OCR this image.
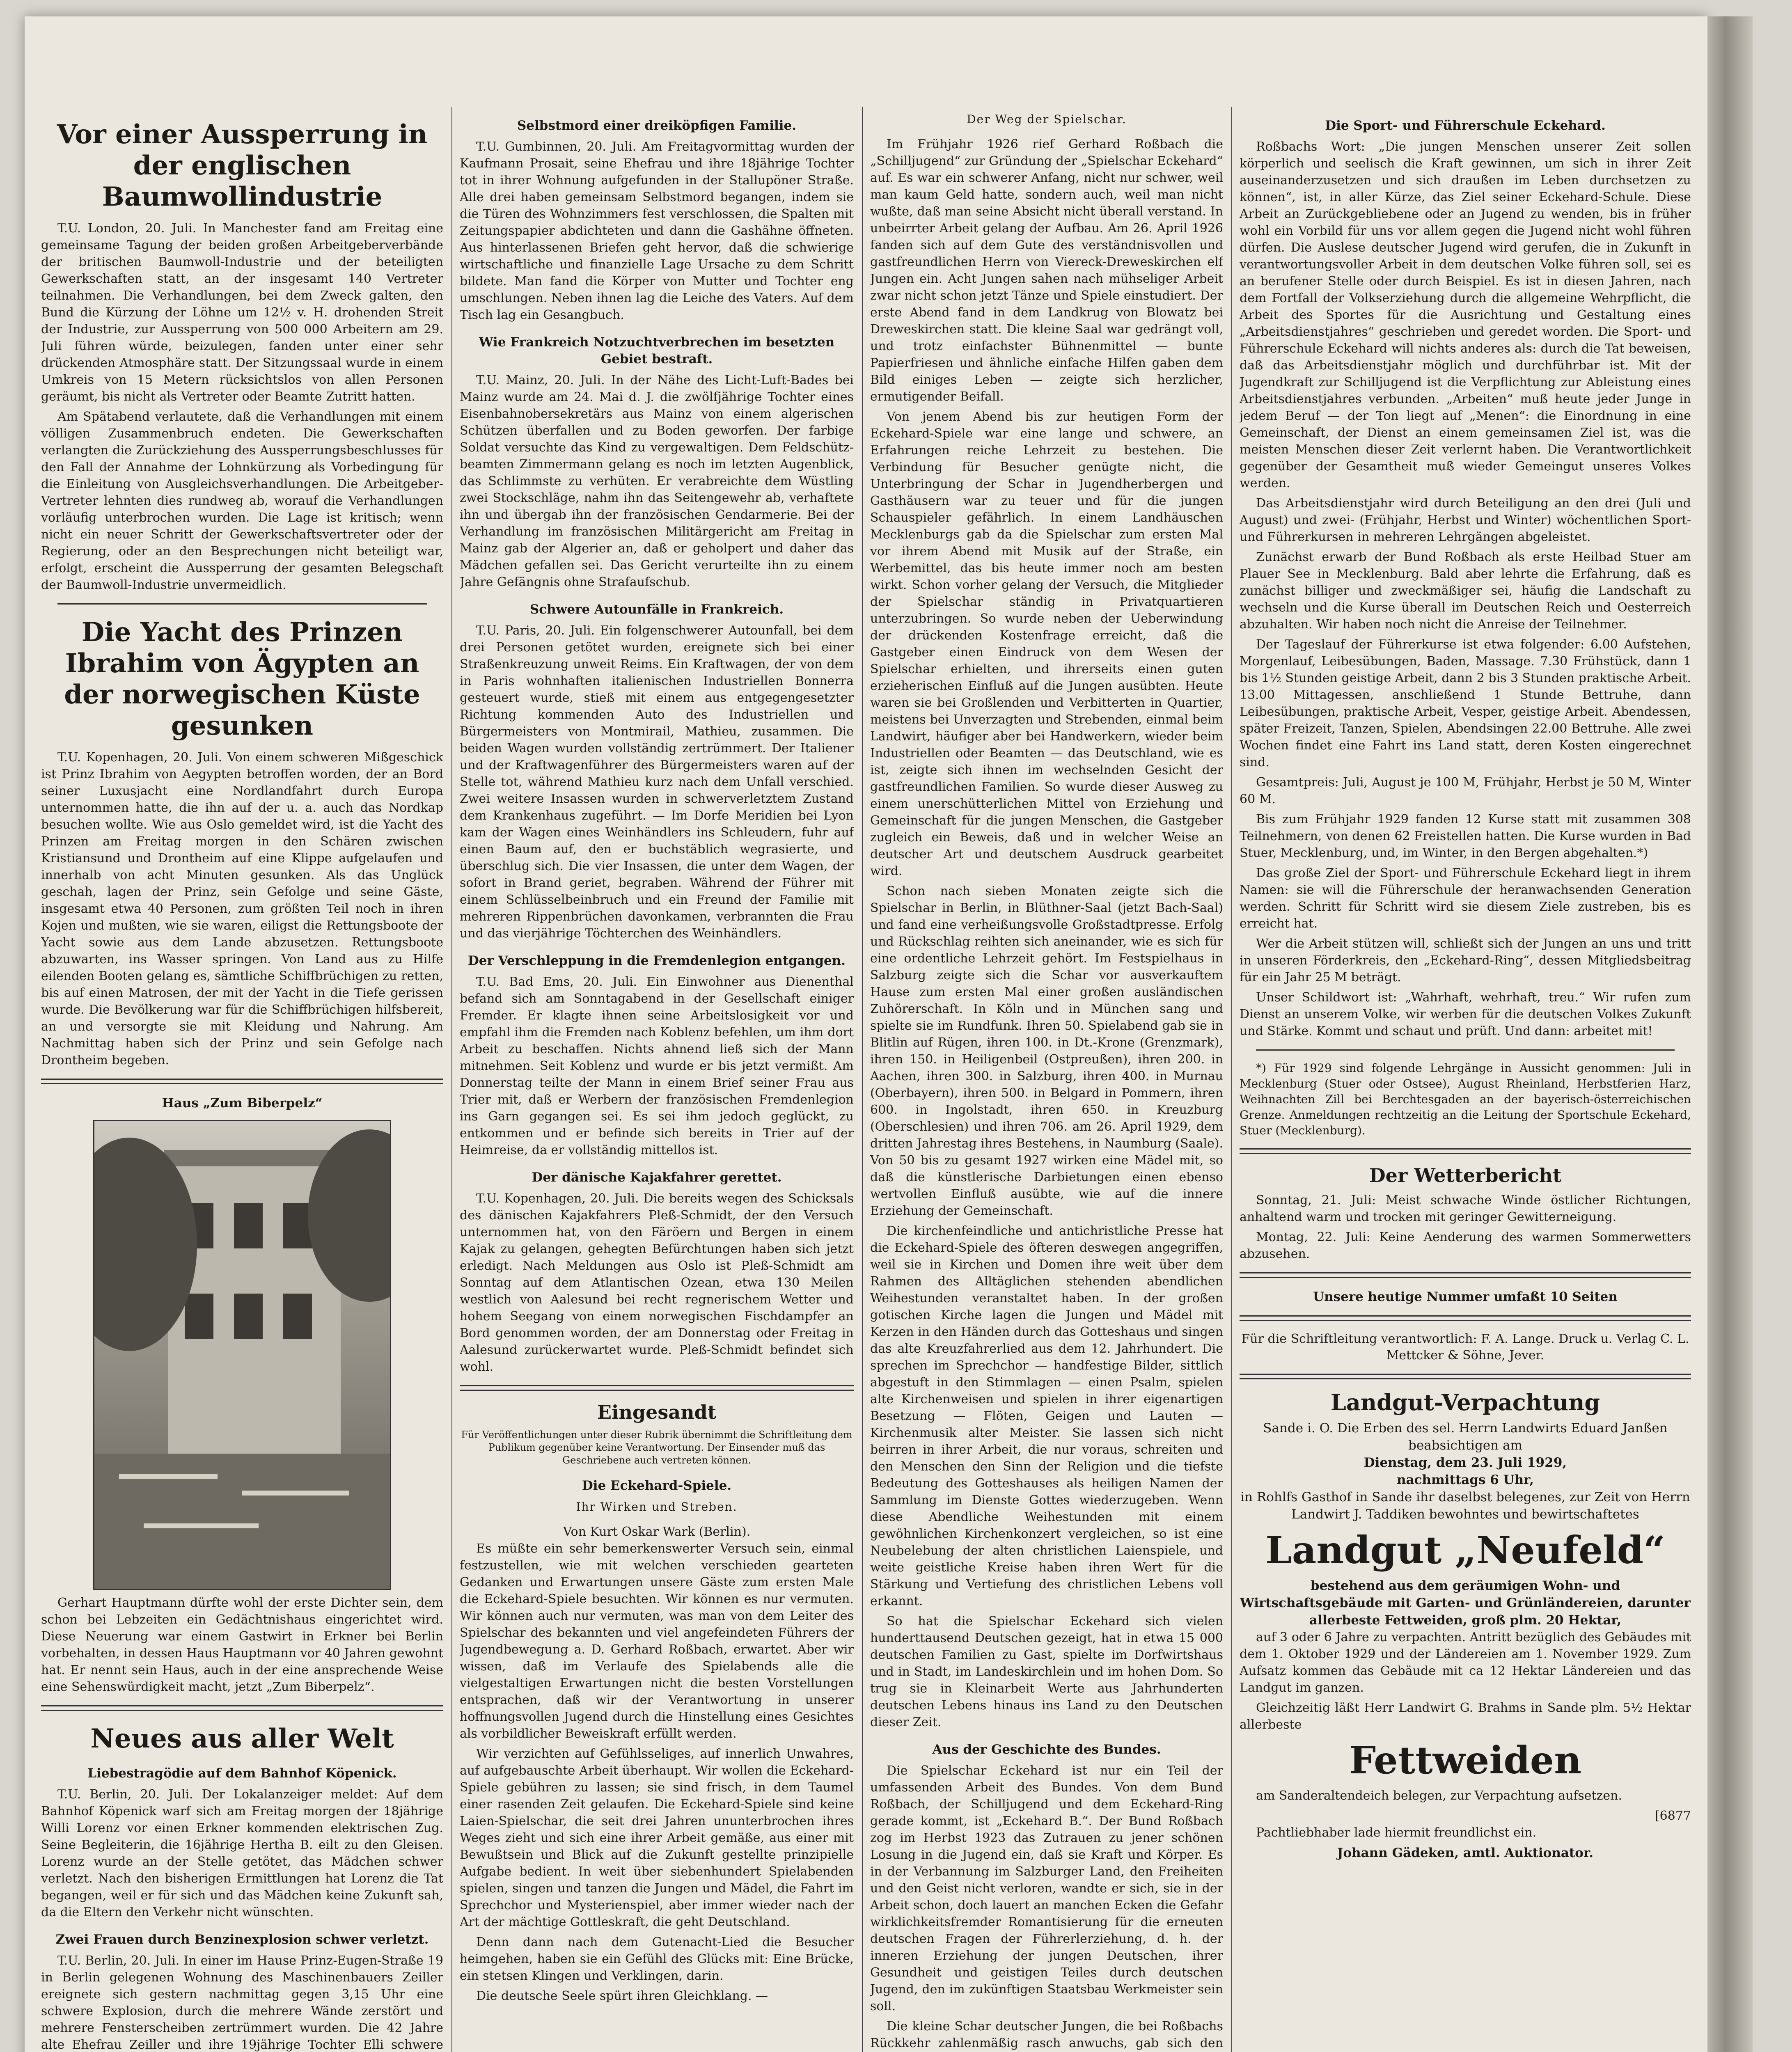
Vor einer Aussperrung in der englischen Baumwollindustrie

T.U. London, 20. Juli. In Manchester fand am Freitag eine gemeinsame Tagung der beiden großen Arbeitgeberverbände der britischen Baumwoll-Industrie und der beteiligten Gewerkschaften statt, an der insgesamt 140 Vertreter teilnahmen. Die Verhandlungen, bei dem Zweck galten, den Bund die Kürzung der Löhne um 12½ v. H. drohenden Streit der Industrie, zur Aussperrung von 500 000 Arbeitern am 29. Juli führen würde, beizulegen, fanden unter einer sehr drückenden Atmosphäre statt. Der Sitzungssaal wurde in einem Umkreis von 15 Metern rücksichtslos von allen Personen geräumt, bis nicht als Vertreter oder Beamte Zutritt hatten.

Am Spätabend verlautete, daß die Verhandlungen mit einem völligen Zusammenbruch endeten. Die Gewerkschaften verlangten die Zurückziehung des Aussperrungsbeschlusses für den Fall der Annahme der Lohnkürzung als Vorbedingung für die Einleitung von Ausgleichsverhandlungen. Die Arbeitgeber-Vertreter lehnten dies rundweg ab, worauf die Verhandlungen vorläufig unterbrochen wurden. Die Lage ist kritisch; wenn nicht ein neuer Schritt der Gewerkschaftsvertreter oder der Regierung, oder an den Besprechungen nicht beteiligt war, erfolgt, erscheint die Aussperrung der gesamten Belegschaft der Baumwoll-Industrie unvermeidlich.

Die Yacht des Prinzen Ibrahim von Ägypten an der norwegischen Küste gesunken

T.U. Kopenhagen, 20. Juli. Von einem schweren Mißgeschick ist Prinz Ibrahim von Aegypten betroffen worden, der an Bord seiner Luxusjacht eine Nordlandfahrt durch Europa unternommen hatte, die ihn auf der u. a. auch das Nordkap besuchen wollte. Wie aus Oslo gemeldet wird, ist die Yacht des Prinzen am Freitag morgen in den Schären zwischen Kristiansund und Drontheim auf eine Klippe aufgelaufen und innerhalb von acht Minuten gesunken. Als das Unglück geschah, lagen der Prinz, sein Gefolge und seine Gäste, insgesamt etwa 40 Personen, zum größten Teil noch in ihren Kojen und mußten, wie sie waren, eiligst die Rettungsboote der Yacht sowie aus dem Lande abzusetzen. Rettungsboote abzuwarten, ins Wasser springen. Von Land aus zu Hilfe eilenden Booten gelang es, sämtliche Schiffbrüchigen zu retten, bis auf einen Matrosen, der mit der Yacht in die Tiefe gerissen wurde. Die Bevölkerung war für die Schiffbrüchigen hilfsbereit, an und versorgte sie mit Kleidung und Nahrung. Am Nachmittag haben sich der Prinz und sein Gefolge nach Drontheim begeben.

Haus „Zum Biberpelz“

Gerhart Hauptmann dürfte wohl der erste Dichter sein, dem schon bei Lebzeiten ein Gedächtnishaus eingerichtet wird. Diese Neuerung war einem Gastwirt in Erkner bei Berlin vorbehalten, in dessen Haus Hauptmann vor 40 Jahren gewohnt hat. Er nennt sein Haus, auch in der eine ansprechende Weise eine Sehenswürdigkeit macht, jetzt „Zum Biberpelz“.

Neues aus aller Welt
Liebestragödie auf dem Bahnhof Köpenick.

T.U. Berlin, 20. Juli. Der Lokalanzeiger meldet: Auf dem Bahnhof Köpenick warf sich am Freitag morgen der 18jährige Willi Lorenz vor einen Erkner kommenden elektrischen Zug. Seine Begleiterin, die 16jährige Hertha B. eilt zu den Gleisen. Lorenz wurde an der Stelle getötet, das Mädchen schwer verletzt. Nach den bisherigen Ermittlungen hat Lorenz die Tat begangen, weil er für sich und das Mädchen keine Zukunft sah, da die Eltern den Verkehr nicht wünschten.

Zwei Frauen durch Benzinexplosion schwer verletzt.

T.U. Berlin, 20. Juli. In einer im Hause Prinz-Eugen-Straße 19 in Berlin gelegenen Wohnung des Maschinenbauers Zeiller ereignete sich gestern nachmittag gegen 3,15 Uhr eine schwere Explosion, durch die mehrere Wände zerstört und mehrere Fensterscheiben zertrümmert wurden. Die 42 Jahre alte Ehefrau Zeiller und ihre 19jährige Tochter Elli schwere

Selbstmord einer dreiköpfigen Familie.

T.U. Gumbinnen, 20. Juli. Am Freitagvormittag wurden der Kaufmann Prosait, seine Ehefrau und ihre 18jährige Tochter tot in ihrer Wohnung aufgefunden in der Stallupöner Straße. Alle drei haben gemeinsam Selbstmord begangen, indem sie die Türen des Wohnzimmers fest verschlossen, die Spalten mit Zeitungspapier abdichteten und dann die Gashähne öffneten. Aus hinterlassenen Briefen geht hervor, daß die schwierige wirtschaftliche und finanzielle Lage Ursache zu dem Schritt bildete. Man fand die Körper von Mutter und Tochter eng umschlungen. Neben ihnen lag die Leiche des Vaters. Auf dem Tisch lag ein Gesangbuch.

Wie Frankreich Notzuchtverbrechen im besetzten Gebiet bestraft.

T.U. Mainz, 20. Juli. In der Nähe des Licht-Luft-Bades bei Mainz wurde am 24. Mai d. J. die zwölfjährige Tochter eines Eisenbahnobersekretärs aus Mainz von einem algerischen Schützen überfallen und zu Boden geworfen. Der farbige Soldat versuchte das Kind zu vergewaltigen. Dem Feldschütz-beamten Zimmermann gelang es noch im letzten Augenblick, das Schlimmste zu verhüten. Er verabreichte dem Wüstling zwei Stockschläge, nahm ihn das Seitengewehr ab, verhaftete ihn und übergab ihn der französischen Gendarmerie. Bei der Verhandlung im französischen Militärgericht am Freitag in Mainz gab der Algerier an, daß er geholpert und daher das Mädchen gefallen sei. Das Gericht verurteilte ihn zu einem Jahre Gefängnis ohne Strafaufschub.

Schwere Autounfälle in Frankreich.

T.U. Paris, 20. Juli. Ein folgenschwerer Autounfall, bei dem drei Personen getötet wurden, ereignete sich bei einer Straßenkreuzung unweit Reims. Ein Kraftwagen, der von dem in Paris wohnhaften italienischen Industriellen Bonnerra gesteuert wurde, stieß mit einem aus entgegengesetzter Richtung kommenden Auto des Industriellen und Bürgermeisters von Montmirail, Mathieu, zusammen. Die beiden Wagen wurden vollständig zertrümmert. Der Italiener und der Kraftwagenführer des Bürgermeisters waren auf der Stelle tot, während Mathieu kurz nach dem Unfall verschied. Zwei weitere Insassen wurden in schwerverletztem Zustand dem Krankenhaus zugeführt. — Im Dorfe Meridien bei Lyon kam der Wagen eines Weinhändlers ins Schleudern, fuhr auf einen Baum auf, den er buchstäblich wegrasierte, und überschlug sich. Die vier Insassen, die unter dem Wagen, der sofort in Brand geriet, begraben. Während der Führer mit einem Schlüsselbeinbruch und ein Freund der Familie mit mehreren Rippenbrüchen davonkamen, verbrannten die Frau und das vierjährige Töchterchen des Weinhändlers.

Der Verschleppung in die Fremdenlegion entgangen.

T.U. Bad Ems, 20. Juli. Ein Einwohner aus Dienenthal befand sich am Sonntagabend in der Gesellschaft einiger Fremder. Er klagte ihnen seine Arbeitslosigkeit vor und empfahl ihm die Fremden nach Koblenz befehlen, um ihm dort Arbeit zu beschaffen. Nichts ahnend ließ sich der Mann mitnehmen. Seit Koblenz und wurde er bis jetzt vermißt. Am Donnerstag teilte der Mann in einem Brief seiner Frau aus Trier mit, daß er Werbern der französischen Fremdenlegion ins Garn gegangen sei. Es sei ihm jedoch geglückt, zu entkommen und er befinde sich bereits in Trier auf der Heimreise, da er vollständig mittellos ist.

Der dänische Kajakfahrer gerettet.

T.U. Kopenhagen, 20. Juli. Die bereits wegen des Schicksals des dänischen Kajakfahrers Pleß-Schmidt, der den Versuch unternommen hat, von den Färöern und Bergen in einem Kajak zu gelangen, gehegten Befürchtungen haben sich jetzt erledigt. Nach Meldungen aus Oslo ist Pleß-Schmidt am Sonntag auf dem Atlantischen Ozean, etwa 130 Meilen westlich von Aalesund bei recht regnerischem Wetter und hohem Seegang von einem norwegischen Fischdampfer an Bord genommen worden, der am Donnerstag oder Freitag in Aalesund zurückerwartet wurde. Pleß-Schmidt befindet sich wohl.

Eingesandt
Für Veröffentlichungen unter dieser Rubrik übernimmt die Schriftleitung dem Publikum gegenüber keine Verantwortung. Der Einsender muß das Geschriebene auch vertreten können.
Die Eckehard-Spiele.
Ihr Wirken und Streben.
Von Kurt Oskar Wark (Berlin).

Es müßte ein sehr bemerkenswerter Versuch sein, einmal festzustellen, wie mit welchen verschieden gearteten Gedanken und Erwartungen unsere Gäste zum ersten Male die Eckehard-Spiele besuchten. Wir können es nur vermuten. Wir können auch nur vermuten, was man von dem Leiter des Spielschar des bekannten und viel angefeindeten Führers der Jugendbewegung a. D. Gerhard Roßbach, erwartet. Aber wir wissen, daß im Verlaufe des Spielabends alle die vielgestaltigen Erwartungen nicht die besten Vorstellungen entsprachen, daß wir der Verantwortung in unserer hoffnungsvollen Jugend durch die Hinstellung eines Gesichtes als vorbildlicher Beweiskraft erfüllt werden.

Wir verzichten auf Gefühlsseliges, auf innerlich Unwahres, auf aufgebauschte Arbeit überhaupt. Wir wollen die Eckehard-Spiele gebühren zu lassen; sie sind frisch, in dem Taumel einer rasenden Zeit gelaufen. Die Eckehard-Spiele sind keine Laien-Spielschar, die seit drei Jahren ununterbrochen ihres Weges zieht und sich eine ihrer Arbeit gemäße, aus einer mit Bewußtsein und Blick auf die Zukunft gestellte prinzipielle Aufgabe bedient. In weit über siebenhundert Spielabenden spielen, singen und tanzen die Jungen und Mädel, die Fahrt im Sprechchor und Mysterienspiel, aber immer wieder nach der Art der mächtige Gottleskraft, die geht Deutschland.

Denn dann nach dem Gutenacht-Lied die Besucher heimgehen, haben sie ein Gefühl des Glücks mit: Eine Brücke, ein stetsen Klingen und Verklingen, darin.

Die deutsche Seele spürt ihren Gleichklang. —

Der Weg der Spielschar.

Im Frühjahr 1926 rief Gerhard Roßbach die „Schilljugend“ zur Gründung der „Spielschar Eckehard“ auf. Es war ein schwerer Anfang, nicht nur schwer, weil man kaum Geld hatte, sondern auch, weil man nicht wußte, daß man seine Absicht nicht überall verstand. In unbeirrter Arbeit gelang der Aufbau. Am 26. April 1926 fanden sich auf dem Gute des verständnisvollen und gastfreundlichen Herrn von Viereck-Dreweskirchen elf Jungen ein. Acht Jungen sahen nach mühseliger Arbeit zwar nicht schon jetzt Tänze und Spiele einstudiert. Der erste Abend fand in dem Landkrug von Blowatz bei Dreweskirchen statt. Die kleine Saal war gedrängt voll, und trotz einfachster Bühnenmittel — bunte Papierfriesen und ähnliche einfache Hilfen gaben dem Bild einiges Leben — zeigte sich herzlicher, ermutigender Beifall.

Von jenem Abend bis zur heutigen Form der Eckehard-Spiele war eine lange und schwere, an Erfahrungen reiche Lehrzeit zu bestehen. Die Verbindung für Besucher genügte nicht, die Unterbringung der Schar in Jugendherbergen und Gasthäusern war zu teuer und für die jungen Schauspieler gefährlich. In einem Landhäuschen Mecklenburgs gab da die Spielschar zum ersten Mal vor ihrem Abend mit Musik auf der Straße, ein Werbemittel, das bis heute immer noch am besten wirkt. Schon vorher gelang der Versuch, die Mitglieder der Spielschar ständig in Privatquartieren unterzubringen. So wurde neben der Ueberwindung der drückenden Kostenfrage erreicht, daß die Gastgeber einen Eindruck von dem Wesen der Spielschar erhielten, und ihrerseits einen guten erzieherischen Einfluß auf die Jungen ausübten. Heute waren sie bei Großlenden und Verbitterten in Quartier, meistens bei Unverzagten und Strebenden, einmal beim Landwirt, häufiger aber bei Handwerkern, wieder beim Industriellen oder Beamten — das Deutschland, wie es ist, zeigte sich ihnen im wechselnden Gesicht der gastfreundlichen Familien. So wurde dieser Ausweg zu einem unerschütterlichen Mittel von Erziehung und Gemeinschaft für die jungen Menschen, die Gastgeber zugleich ein Beweis, daß und in welcher Weise an deutscher Art und deutschem Ausdruck gearbeitet wird.

Schon nach sieben Monaten zeigte sich die Spielschar in Berlin, in Blüthner-Saal (jetzt Bach-Saal) und fand eine verheißungsvolle Großstadtpresse. Erfolg und Rückschlag reihten sich aneinander, wie es sich für eine ordentliche Lehrzeit gehört. Im Festspielhaus in Salzburg zeigte sich die Schar vor ausverkauftem Hause zum ersten Mal einer großen ausländischen Zuhörerschaft. In Köln und in München sang und spielte sie im Rundfunk. Ihren 50. Spielabend gab sie in Blitlin auf Rügen, ihren 100. in Dt.-Krone (Grenzmark), ihren 150. in Heiligenbeil (Ostpreußen), ihren 200. in Aachen, ihren 300. in Salzburg, ihren 400. in Murnau (Oberbayern), ihren 500. in Belgard in Pommern, ihren 600. in Ingolstadt, ihren 650. in Kreuzburg (Oberschlesien) und ihren 706. am 26. April 1929, dem dritten Jahrestag ihres Bestehens, in Naumburg (Saale). Von 50 bis zu gesamt 1927 wirken eine Mädel mit, so daß die künstlerische Darbietungen einen ebenso wertvollen Einfluß ausübte, wie auf die innere Erziehung der Gemeinschaft.

Die kirchenfeindliche und antichristliche Presse hat die Eckehard-Spiele des öfteren deswegen angegriffen, weil sie in Kirchen und Domen ihre weit über dem Rahmen des Alltäglichen stehenden abendlichen Weihestunden veranstaltet haben. In der großen gotischen Kirche lagen die Jungen und Mädel mit Kerzen in den Händen durch das Gotteshaus und singen das alte Kreuzfahrerlied aus dem 12. Jahrhundert. Die sprechen im Sprechchor — handfestige Bilder, sittlich abgestuft in den Stimmlagen — einen Psalm, spielen alte Kirchenweisen und spielen in ihrer eigenartigen Besetzung — Flöten, Geigen und Lauten — Kirchenmusik alter Meister. Sie lassen sich nicht beirren in ihrer Arbeit, die nur voraus, schreiten und den Menschen den Sinn der Religion und die tiefste Bedeutung des Gotteshauses als heiligen Namen der Sammlung im Dienste Gottes wiederzugeben. Wenn diese Abendliche Weihestunden mit einem gewöhnlichen Kirchenkonzert vergleichen, so ist eine Neubelebung der alten christlichen Laienspiele, und weite geistliche Kreise haben ihren Wert für die Stärkung und Vertiefung des christlichen Lebens voll erkannt.

So hat die Spielschar Eckehard sich vielen hunderttausend Deutschen gezeigt, hat in etwa 15 000 deutschen Familien zu Gast, spielte im Dorfwirtshaus und in Stadt, im Landeskirchlein und im hohen Dom. So trug sie in Kleinarbeit Werte aus Jahrhunderten deutschen Lebens hinaus ins Land zu den Deutschen dieser Zeit.

Aus der Geschichte des Bundes.

Die Spielschar Eckehard ist nur ein Teil der umfassenden Arbeit des Bundes. Von dem Bund Roßbach, der Schilljugend und dem Eckehard-Ring gerade kommt, ist „Eckehard B.“. Der Bund Roßbach zog im Herbst 1923 das Zutrauen zu jener schönen Losung in die Jugend ein, daß sie Kraft und Körper. Es in der Verbannung im Salzburger Land, den Freiheiten und den Geist nicht verloren, wandte er sich, sie in der Arbeit schon, doch lauert an manchen Ecken die Gefahr wirklichkeitsfremder Romantisierung für die erneuten deutschen Fragen der Führerlerziehung, d. h. der inneren Erziehung der jungen Deutschen, ihrer Gesundheit und geistigen Teiles durch deutschen Jugend, den im zukünftigen Staatsbau Werkmeister sein soll.

Die kleine Schar deutscher Jungen, die bei Roßbachs Rückkehr zahlenmäßig rasch anwuchs, gab sich den

Die Sport- und Führerschule Eckehard.

Roßbachs Wort: „Die jungen Menschen unserer Zeit sollen körperlich und seelisch die Kraft gewinnen, um sich in ihrer Zeit auseinanderzusetzen und sich draußen im Leben durchsetzen zu können“, ist, in aller Kürze, das Ziel seiner Eckehard-Schule. Diese Arbeit an Zurückgebliebene oder an Jugend zu wenden, bis in früher wohl ein Vorbild für uns vor allem gegen die Jugend nicht wohl führen dürfen. Die Auslese deutscher Jugend wird gerufen, die in Zukunft in verantwortungsvoller Arbeit in dem deutschen Volke führen soll, sei es an berufener Stelle oder durch Beispiel. Es ist in diesen Jahren, nach dem Fortfall der Volkserziehung durch die allgemeine Wehrpflicht, die Arbeit des Sportes für die Ausrichtung und Gestaltung eines „Arbeitsdienstjahres“ geschrieben und geredet worden. Die Sport- und Führerschule Eckehard will nichts anderes als: durch die Tat beweisen, daß das Arbeitsdienstjahr möglich und durchführbar ist. Mit der Jugendkraft zur Schilljugend ist die Verpflichtung zur Ableistung eines Arbeitsdienstjahres verbunden. „Arbeiten“ muß heute jeder Junge in jedem Beruf — der Ton liegt auf „Menen“: die Einordnung in eine Gemeinschaft, der Dienst an einem gemeinsamen Ziel ist, was die meisten Menschen dieser Zeit verlernt haben. Die Verantwortlichkeit gegenüber der Gesamtheit muß wieder Gemeingut unseres Volkes werden.

Das Arbeitsdienstjahr wird durch Beteiligung an den drei (Juli und August) und zwei- (Frühjahr, Herbst und Winter) wöchentlichen Sport- und Führerkursen in mehreren Lehrgängen abgeleistet.

Zunächst erwarb der Bund Roßbach als erste Heilbad Stuer am Plauer See in Mecklenburg. Bald aber lehrte die Erfahrung, daß es zunächst billiger und zweckmäßiger sei, häufig die Landschaft zu wechseln und die Kurse überall im Deutschen Reich und Oesterreich abzuhalten. Wir haben noch nicht die Anreise der Teilnehmer.

Der Tageslauf der Führerkurse ist etwa folgender: 6.00 Aufstehen, Morgenlauf, Leibesübungen, Baden, Massage. 7.30 Frühstück, dann 1 bis 1½ Stunden geistige Arbeit, dann 2 bis 3 Stunden praktische Arbeit. 13.00 Mittagessen, anschließend 1 Stunde Bettruhe, dann Leibesübungen, praktische Arbeit, Vesper, geistige Arbeit. Abendessen, später Freizeit, Tanzen, Spielen, Abendsingen 22.00 Bettruhe. Alle zwei Wochen findet eine Fahrt ins Land statt, deren Kosten eingerechnet sind.

Gesamtpreis: Juli, August je 100 M, Frühjahr, Herbst je 50 M, Winter 60 M.

Bis zum Frühjahr 1929 fanden 12 Kurse statt mit zusammen 308 Teilnehmern, von denen 62 Freistellen hatten. Die Kurse wurden in Bad Stuer, Mecklenburg, und, im Winter, in den Bergen abgehalten.*)

Das große Ziel der Sport- und Führerschule Eckehard liegt in ihrem Namen: sie will die Führerschule der heranwachsenden Generation werden. Schritt für Schritt wird sie diesem Ziele zustreben, bis es erreicht hat.

Wer die Arbeit stützen will, schließt sich der Jungen an uns und tritt in unseren Förderkreis, den „Eckehard-Ring“, dessen Mitgliedsbeitrag für ein Jahr 25 M beträgt.

Unser Schildwort ist: „Wahrhaft, wehrhaft, treu.“ Wir rufen zum Dienst an unserem Volke, wir werben für die deutschen Volkes Zukunft und Stärke. Kommt und schaut und prüft. Und dann: arbeitet mit!

*) Für 1929 sind folgende Lehrgänge in Aussicht genommen: Juli in Mecklenburg (Stuer oder Ostsee), August Rheinland, Herbstferien Harz, Weihnachten Zill bei Berchtesgaden an der bayerisch-österreichischen Grenze. Anmeldungen rechtzeitig an die Leitung der Sportschule Eckehard, Stuer (Mecklenburg).

Der Wetterbericht

Sonntag, 21. Juli: Meist schwache Winde östlicher Richtungen, anhaltend warm und trocken mit geringer Gewitterneigung.

Montag, 22. Juli: Keine Aenderung des warmen Sommerwetters abzusehen.

Unsere heutige Nummer umfaßt 10 Seiten
Für die Schriftleitung verantwortlich: F. A. Lange. Druck u. Verlag C. L. Mettcker & Söhne, Jever.
Landgut-Verpachtung
Sande i. O. Die Erben des sel. Herrn Landwirts Eduard Janßen beabsichtigen am
Dienstag, dem 23. Juli 1929,
nachmittags 6 Uhr,
in Rohlfs Gasthof in Sande ihr daselbst belegenes, zur Zeit von Herrn Landwirt J. Taddiken bewohntes und bewirtschaftetes
Landgut „Neufeld“
bestehend aus dem geräumigen Wohn- und Wirtschaftsgebäude mit Garten- und Grünländereien, darunter allerbeste Fettweiden, groß plm. 20 Hektar,

auf 3 oder 6 Jahre zu verpachten. Antritt bezüglich des Gebäudes mit dem 1. Oktober 1929 und der Ländereien am 1. November 1929. Zum Aufsatz kommen das Gebäude mit ca 12 Hektar Ländereien und das Landgut im ganzen.

Gleichzeitig läßt Herr Landwirt G. Brahms in Sande plm. 5½ Hektar allerbeste

Fettweiden

am Sanderaltendeich belegen, zur Verpachtung aufsetzen.

[6877

Pachtliebhaber lade hiermit freundlichst ein.

Johann Gädeken, amtl. Auktionator.
